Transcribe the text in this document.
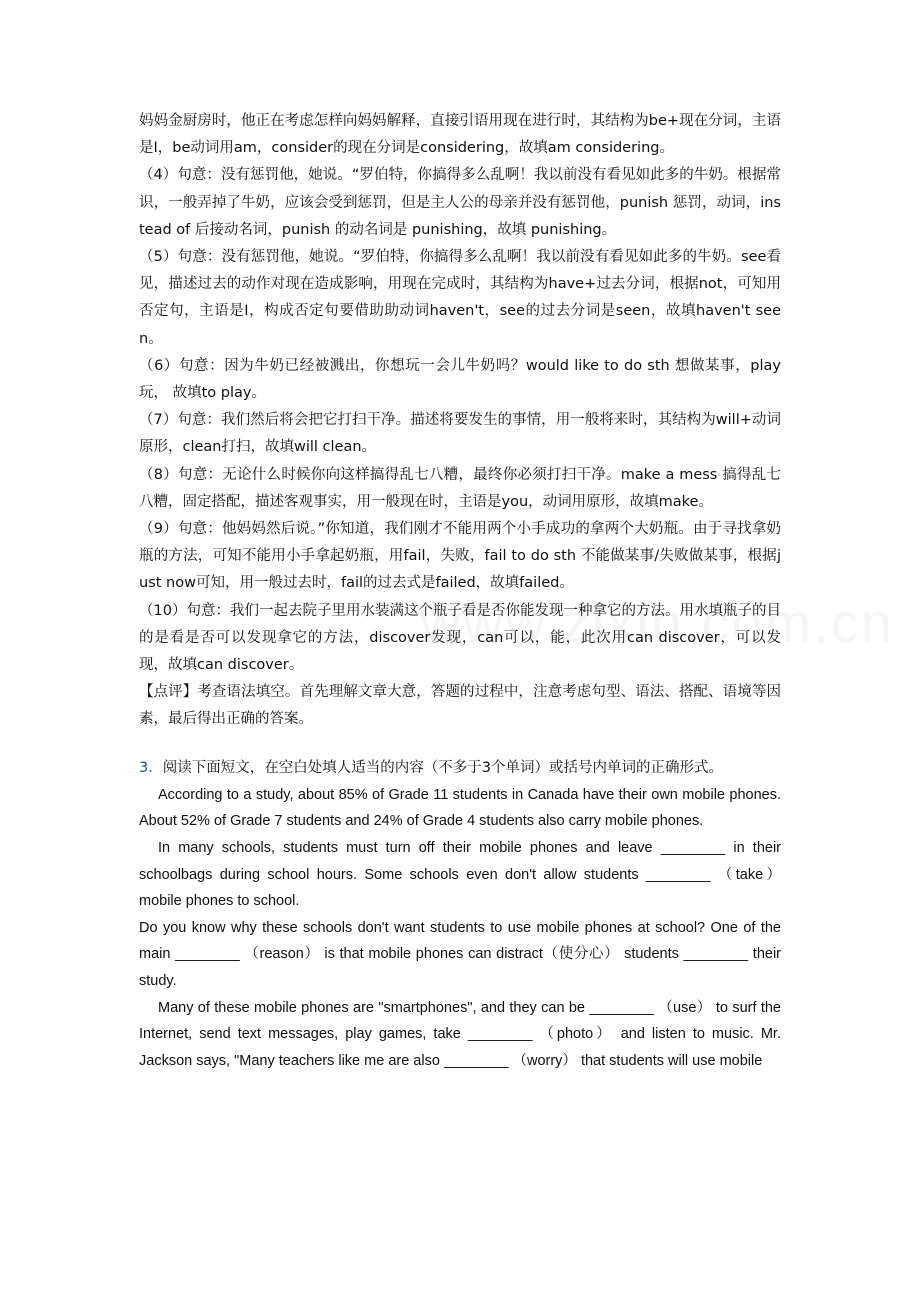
妈妈金厨房时，他正在考虑怎样向妈妈解释，直接引语用现在进行时，其结构为be+现在分词，主语是I，be动词用am，consider的现在分词是considering，故填am considering。

（4）句意：没有惩罚他，她说。“罗伯特，你搞得多么乱啊！我以前没有看见如此多的牛奶。根据常识，一般弄掉了牛奶，应该会受到惩罚，但是主人公的母亲并没有惩罚他，punish 惩罚，动词，instead of 后接动名词，punish 的动名词是 punishing，故填 punishing。

（5）句意：没有惩罚他，她说。“罗伯特，你搞得多么乱啊！我以前没有看见如此多的牛奶。see看见，描述过去的动作对现在造成影响，用现在完成时，其结构为have+过去分词，根据not，可知用否定句，主语是I，构成否定句要借助助动词haven't，see的过去分词是seen，故填haven't seen。

（6）句意：因为牛奶已经被溅出，你想玩一会儿牛奶吗？would like to do sth 想做某事，play玩， 故填to play。

（7）句意：我们然后将会把它打扫干净。描述将要发生的事情，用一般将来时，其结构为will+动词原形，clean打扫，故填will clean。

（8）句意：无论什么时候你向这样搞得乱七八糟，最终你必须打扫干净。make a mess 搞得乱七八糟，固定搭配，描述客观事实，用一般现在时，主语是you，动词用原形，故填make。

（9）句意：他妈妈然后说。”你知道，我们刚才不能用两个小手成功的拿两个大奶瓶。由于寻找拿奶瓶的方法，可知不能用小手拿起奶瓶，用fail，失败，fail to do sth 不能做某事/失败做某事，根据just now可知，用一般过去时，fail的过去式是failed，故填failed。

（10）句意：我们一起去院子里用水装满这个瓶子看是否你能发现一种拿它的方法。用水填瓶子的目的是看是否可以发现拿它的方法，discover发现，can可以，能，此次用can discover，可以发现，故填can discover。

【点评】考查语法填空。首先理解文章大意，答题的过程中，注意考虑句型、语法、搭配、语境等因素，最后得出正确的答案。

3．阅读下面短文，在空白处填人适当的内容（不多于3个单词）或括号内单词的正确形式。

According to a study, about 85% of Grade 11 students in Canada have their own mobile phones. About 52% of Grade 7 students and 24% of Grade 4 students also carry mobile phones.

In many schools, students must turn off their mobile phones and leave ________ in their schoolbags during school hours. Some schools even don't allow students ________ （take） mobile phones to school.

Do you know why these schools don't want students to use mobile phones at school? One of the main ________ （reason） is that mobile phones can distract（使分心） students ________ their study.

Many of these mobile phones are "smartphones", and they can be ________ （use） to surf the Internet, send text messages, play games, take ________ （photo） and listen to music. Mr. Jackson says, "Many teachers like me are also ________ （worry） that students will use mobile
